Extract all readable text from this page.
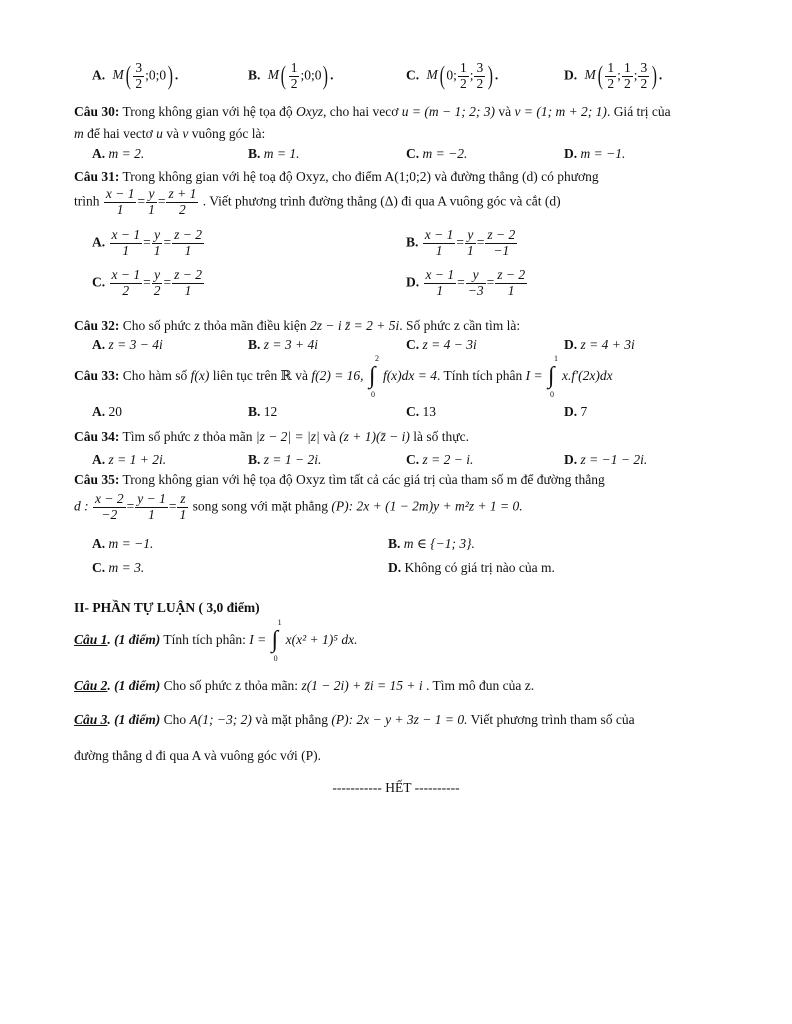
A. $M( \frac{3}{2}$ ;0;0) .	B. $M( \frac{1}{2}$ ;0;0) .	C. M( 0; $\frac{1}{2}$ ; $\frac{3}{2}$ ) .	D. $M( \frac{1}{2}$ ; $\frac{1}{2}$ ; $\frac{3}{2}$ ) .
Câu 30: Trong không gian với hệ tọa độ Oxyz, cho hai vecơ u = (m − 1; 2; 3) và v = (1; m + 2; 1). Giá trị của
m để hai vectơ u và v vuông góc là:
A. m = 2.	B. m = 1.	C. m = −2.	D. m = −1.
Câu 31: Trong không gian với hệ toạ độ Oxyz, cho điểm A(1;0;2) và đường thẳng (d) có phương
trình $\frac{x - 1}{1} = \frac{y}{1} = \frac{z + 1}{2}$ . Viết phương trình đường thẳng (Δ) đi qua A vuông góc và cắt (d)
A. $\frac{x - 1}{1} = \frac{y}{1} = \frac{z - 2}{1}$	B. $\frac{x - 1}{1} = \frac{y}{1} = \frac{z - 2}{-1}$
C. $\frac{x - 1}{2} = \frac{y}{2} = \frac{z - 2}{1}$	D. $\frac{x - 1}{1} = \frac{y}{-3} = \frac{z - 2}{1}$
Câu 32: Cho số phức z thỏa mãn điều kiện 2z − i z̄ = 2 + 5i. Số phức z cần tìm là:
A. z = 3 − 4i	B. z = 3 + 4i	C. z = 4 − 3i	D. z = 4 + 3i
Câu 33: Cho hàm số f(x) liên tục trên ℝ và f(2) = 16, ∫
2
0
f(x)dx = 4. Tính tích phân I = ∫
1
0
x.f′(2x)dx
A. 20	B. 12	C. 13	D. 7
Câu 34: Tìm số phức z thỏa mãn |z − 2| = |z| và (z + 1)(z̄ − i) là số thực.
A. z = 1 + 2i.	B. z = 1 − 2i.	C. z = 2 − i.	D. z = −1 − 2i.
Câu 35: Trong không gian với hệ tọa độ Oxyz tìm tất cả các giá trị của tham số m để đường thẳng
d : $\frac{x - 2}{-2} = \frac{y - 1}{1} = \frac{z}{1}$ song song với mặt phẳng (P): 2x + (1 − 2m)y + m²z + 1 = 0.
A. m = −1.	B. m ∈ {−1; 3}.
C. m = 3.	D. Không có giá trị nào của m.
II- PHẦN TỰ LUẬN ( 3,0 điểm)
Câu 1. (1 điểm) Tính tích phân: I = ∫
1
0
x(x² + 1)⁵ dx.
Câu 2. (1 điểm) Cho số phức z thỏa mãn: z(1 − 2i) + z̄i = 15 + i . Tìm mô đun của z.
Câu 3. (1 điểm) Cho A(1; −3; 2) và mặt phẳng (P): 2x − y + 3z − 1 = 0. Viết phương trình tham số của
đường thẳng d đi qua A và vuông góc với (P).
----------- HẾT ----------
